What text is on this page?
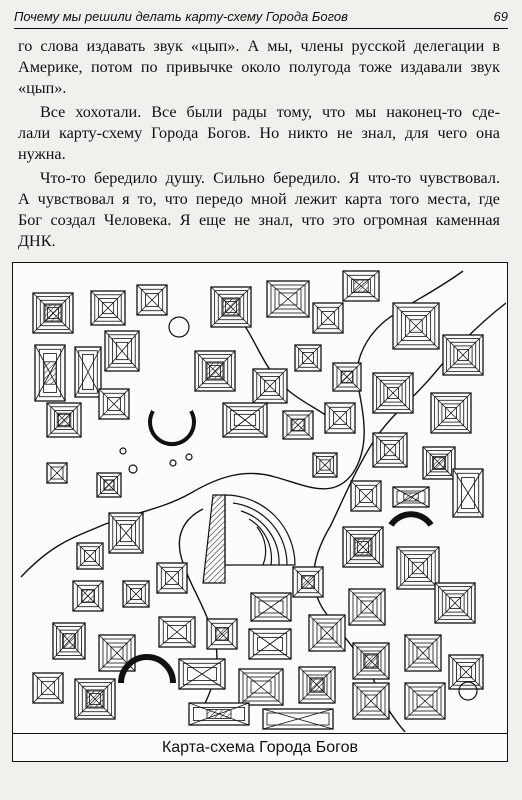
Почему мы решили делать карту-схему Города Богов	69

го слова издавать звук «цып». А мы, члены русской делегации в
Америке, потом по привычке около полугода тоже издавали звук
«цып».

Все хохотали. Все были рады тому, что мы наконец-то сде-
лали карту-схему Города Богов. Но никто не знал, для чего она
нужна.

Что-то бередило душу. Сильно бередило. Я что-то чувствовал.
А чувствовал я то, что передо мной лежит карта того места, где
Бог создал Человека. Я еще не знал, что это огромная каменная
ДНК.

Карта-схема Города Богов
